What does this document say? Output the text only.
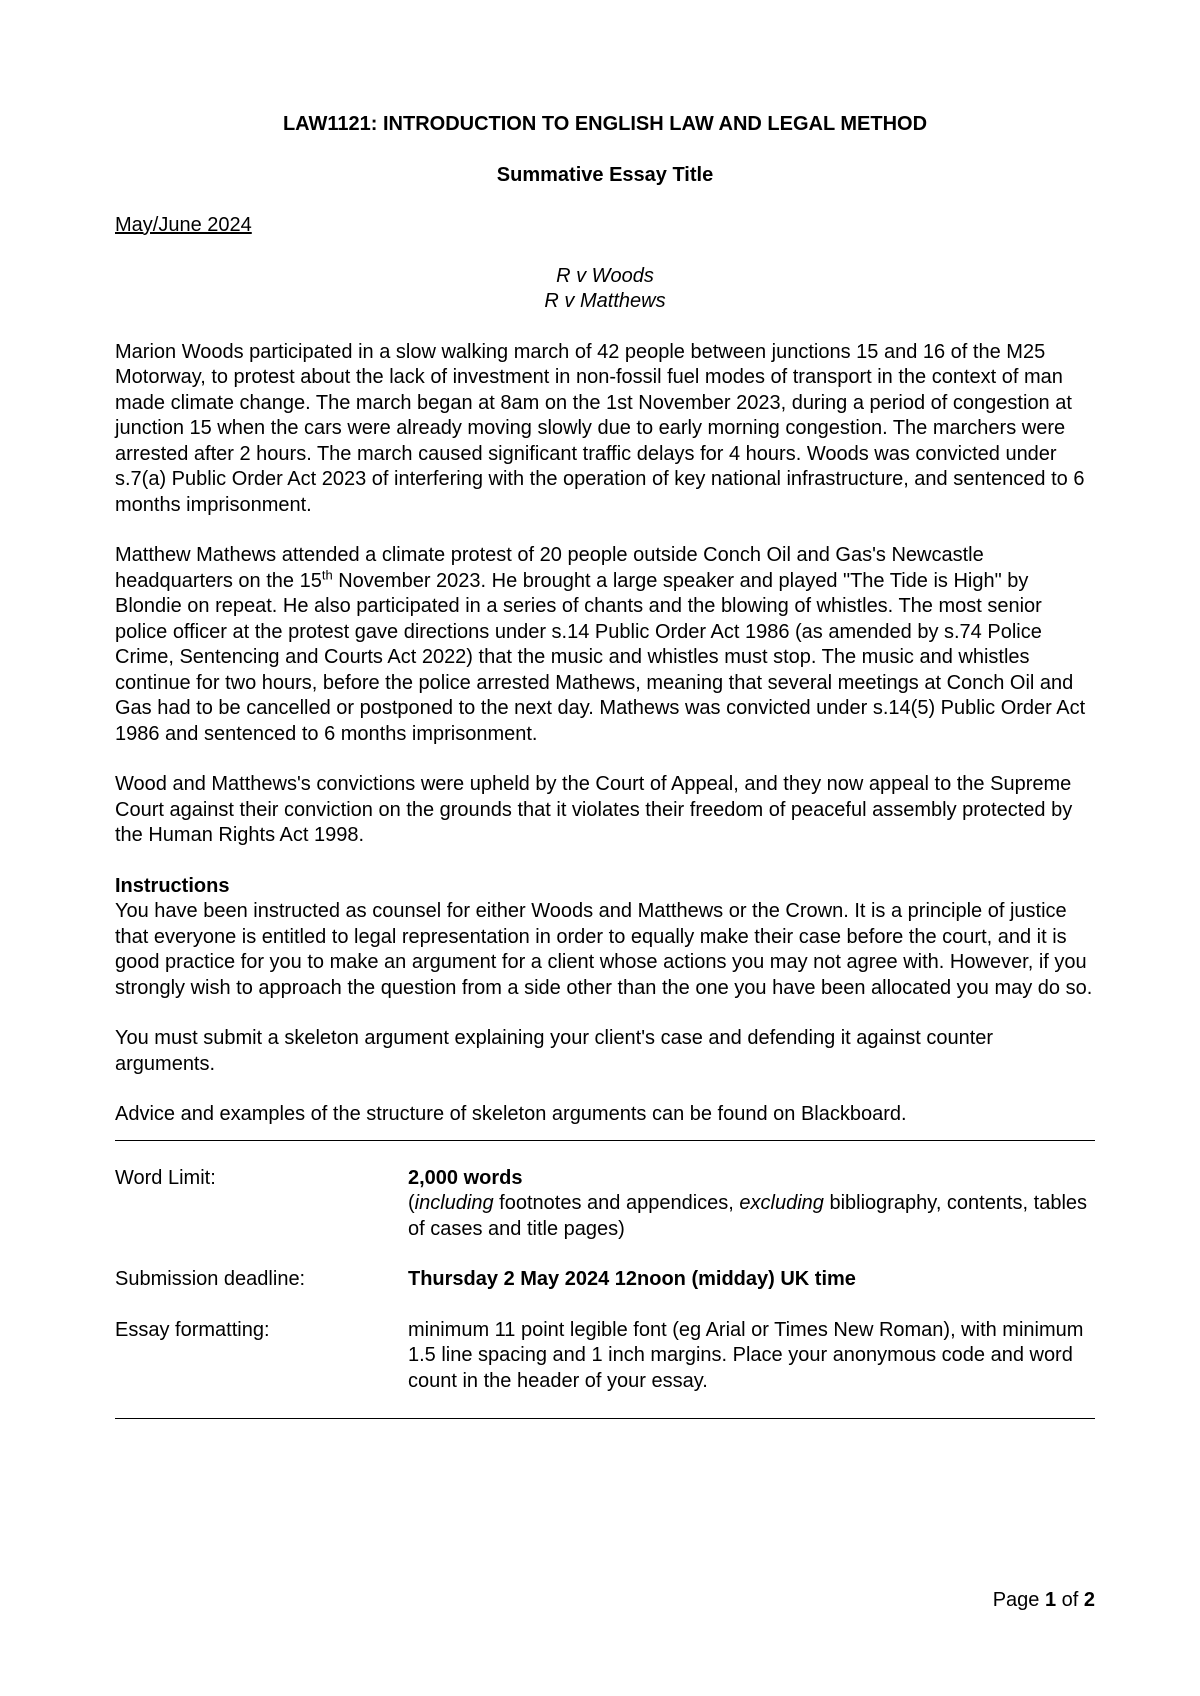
LAW1121: INTRODUCTION TO ENGLISH LAW AND LEGAL METHOD
Summative Essay Title
May/June 2024
R v Woods
R v Matthews

Marion Woods participated in a slow walking march of 42 people between junctions 15 and 16 of the M25 Motorway, to protest about the lack of investment in non-fossil fuel modes of transport in the context of man made climate change. The march began at 8am on the 1st November 2023, during a period of congestion at junction 15 when the cars were already moving slowly due to early morning congestion. The marchers were arrested after 2 hours. The march caused significant traffic delays for 4 hours. Woods was convicted under s.7(a) Public Order Act 2023 of interfering with the operation of key national infrastructure, and sentenced to 6 months imprisonment.

Matthew Mathews attended a climate protest of 20 people outside Conch Oil and Gas's Newcastle headquarters on the 15th November 2023. He brought a large speaker and played "The Tide is High" by Blondie on repeat. He also participated in a series of chants and the blowing of whistles. The most senior police officer at the protest gave directions under s.14 Public Order Act 1986 (as amended by s.74 Police Crime, Sentencing and Courts Act 2022) that the music and whistles must stop. The music and whistles continue for two hours, before the police arrested Mathews, meaning that several meetings at Conch Oil and Gas had to be cancelled or postponed to the next day. Mathews was convicted under s.14(5) Public Order Act 1986 and sentenced to 6 months imprisonment.

Wood and Matthews's convictions were upheld by the Court of Appeal, and they now appeal to the Supreme Court against their conviction on the grounds that it violates their freedom of peaceful assembly protected by the Human Rights Act 1998.

Instructions

You have been instructed as counsel for either Woods and Matthews or the Crown. It is a principle of justice that everyone is entitled to legal representation in order to equally make their case before the court, and it is good practice for you to make an argument for a client whose actions you may not agree with. However, if you strongly wish to approach the question from a side other than the one you have been allocated you may do so.

You must submit a skeleton argument explaining your client's case and defending it against counter arguments.

Advice and examples of the structure of skeleton arguments can be found on Blackboard.

Word Limit:	2,000 words
(including footnotes and appendices, excluding bibliography, contents, tables of cases and title pages)
Submission deadline:	Thursday 2 May 2024 12noon (midday) UK time
Essay formatting:	minimum 11 point legible font (eg Arial or Times New Roman), with minimum 1.5 line spacing and 1 inch margins. Place your anonymous code and word count in the header of your essay.
Page 1 of 2
